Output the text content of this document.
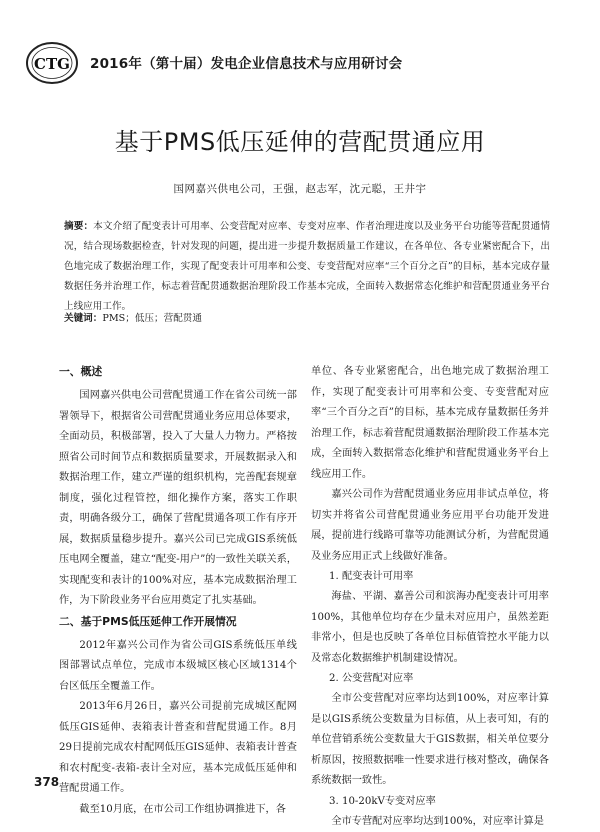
CTG 2016年（第十届）发电企业信息技术与应用研讨会
基于PMS低压延伸的营配贯通应用
国网嘉兴供电公司，王强，赵志军，沈元聪，王井宇

摘要：本文介绍了配变表计可用率、公变营配对应率、专变对应率、作者治理进度以及业务平台功能等营配贯通情况，结合现场数据检查，针对发现的问题，提出进一步提升数据质量工作建议，在各单位、各专业紧密配合下，出色地完成了数据治理工作，实现了配变表计可用率和公变、专变营配对应率“三个百分之百”的目标，基本完成存量数据任务并治理工作，标志着营配贯通数据治理阶段工作基本完成，全面转入数据常态化维护和营配贯通业务平台上线应用工作。

关键词：PMS；低压；营配贯通
一、概述

国网嘉兴供电公司营配贯通工作在省公司统一部署领导下，根据省公司营配贯通业务应用总体要求，全面动员，积极部署，投入了大量人力物力。严格按照省公司时间节点和数据质量要求，开展数据录入和数据治理工作，建立严谨的组织机构，完善配套规章制度，强化过程管控，细化操作方案，落实工作职责，明确各级分工，确保了营配贯通各项工作有序开展，数据质量稳步提升。嘉兴公司已完成GIS系统低压电网全覆盖，建立“配变-用户”的一致性关联关系，实现配变和表计的100%对应，基本完成数据治理工作，为下阶段业务平台应用奠定了扎实基础。

二、基于PMS低压延伸工作开展情况

2012年嘉兴公司作为省公司GIS系统低压单线图部署试点单位，完成市本级城区核心区域1314个台区低压全覆盖工作。

2013年6月26日，嘉兴公司提前完成城区配网低压GIS延伸、表箱表计普查和营配贯通工作。8月29日提前完成农村配网低压GIS延伸、表箱表计普查和农村配变-表箱-表计全对应，基本完成低压延伸和营配贯通工作。

截至10月底，在市公司工作组协调推进下，各

单位、各专业紧密配合，出色地完成了数据治理工作，实现了配变表计可用率和公变、专变营配对应率“三个百分之百”的目标，基本完成存量数据任务并治理工作，标志着营配贯通数据治理阶段工作基本完成，全面转入数据常态化维护和营配贯通业务平台上线应用工作。

嘉兴公司作为营配贯通业务应用非试点单位，将切实并将省公司营配贯通业务应用平台功能开发进展，提前进行线路可靠等功能测试分析，为营配贯通及业务应用正式上线做好准备。

1. 配变表计可用率

海盐、平湖、嘉善公司和滨海办配变表计可用率100%，其他单位均存在少量未对应用户，虽然差距非常小，但是也反映了各单位目标值管控水平能力以及常态化数据维护机制建设情况。

2. 公变营配对应率

全市公变营配对应率均达到100%，对应率计算是以GIS系统公变数量为目标值，从上表可知，有的单位营销系统公变数量大于GIS数据，相关单位要分析原因，按照数据唯一性要求进行核对整改，确保各系统数据一致性。

3. 10-20kV专变对应率

全市专营配对应率均达到100%，对应率计算是

378
